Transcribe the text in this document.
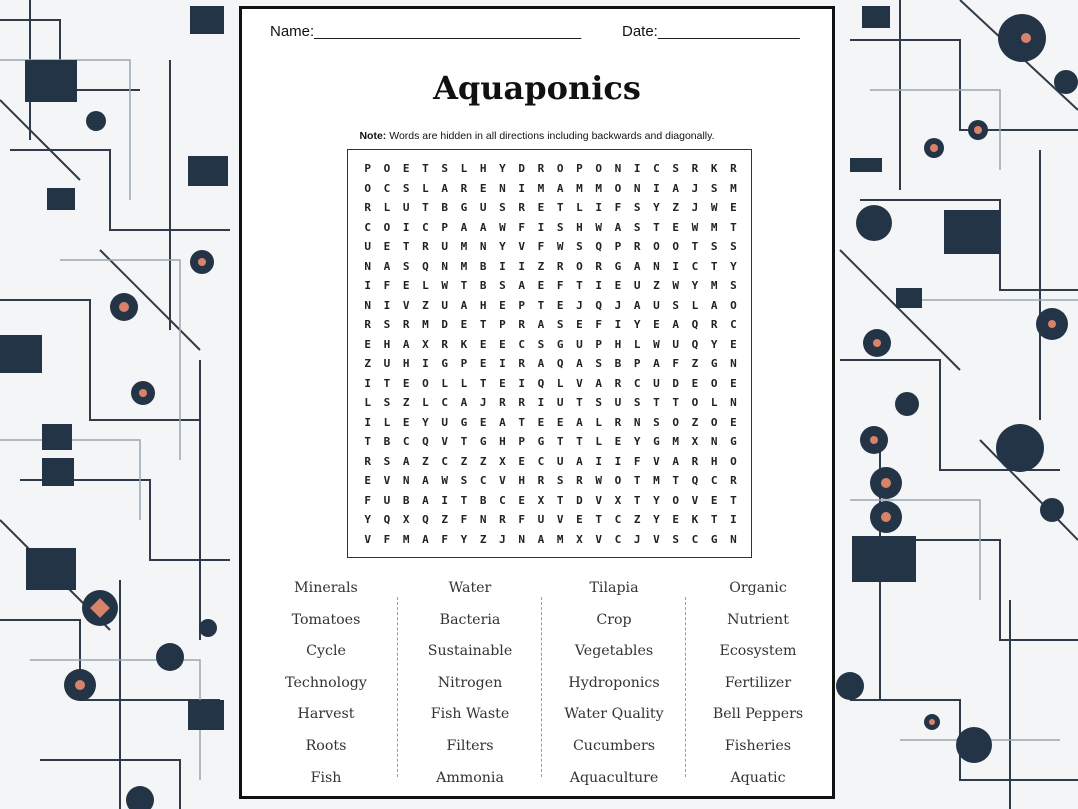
Name:________________________________	Date:_________________
Aquaponics
Note: Words are hidden in all directions including backwards and diagonally.
P	O	E	T	S	L	H	Y	D	R	O	P	O	N	I	C	S	R	K	R
O	C	S	L	A	R	E	N	I	M	A	M	M	O	N	I	A	J	S	M
R	L	U	T	B	G	U	S	R	E	T	L	I	F	S	Y	Z	J	W	E
C	O	I	C	P	A	A	W	F	I	S	H	W	A	S	T	E	W	M	T
U	E	T	R	U	M	N	Y	V	F	W	S	Q	P	R	O	O	T	S	S
N	A	S	Q	N	M	B	I	I	Z	R	O	R	G	A	N	I	C	T	Y
I	F	E	L	W	T	B	S	A	E	F	T	I	E	U	Z	W	Y	M	S
N	I	V	Z	U	A	H	E	P	T	E	J	Q	J	A	U	S	L	A	O
R	S	R	M	D	E	T	P	R	A	S	E	F	I	Y	E	A	Q	R	C
E	H	A	X	R	K	E	E	C	S	G	U	P	H	L	W	U	Q	Y	E
Z	U	H	I	G	P	E	I	R	A	Q	A	S	B	P	A	F	Z	G	N
I	T	E	O	L	L	T	E	I	Q	L	V	A	R	C	U	D	E	O	E
L	S	Z	L	C	A	J	R	R	I	U	T	S	U	S	T	T	O	L	N
I	L	E	Y	U	G	E	A	T	E	E	A	L	R	N	S	O	Z	O	E
T	B	C	Q	V	T	G	H	P	G	T	T	L	E	Y	G	M	X	N	G
R	S	A	Z	C	Z	Z	X	E	C	U	A	I	I	F	V	A	R	H	O
E	V	N	A	W	S	C	V	H	R	S	R	W	O	T	M	T	Q	C	R
F	U	B	A	I	T	B	C	E	X	T	D	V	X	T	Y	O	V	E	T
Y	Q	X	Q	Z	F	N	R	F	U	V	E	T	C	Z	Y	E	K	T	I
V	F	M	A	F	Y	Z	J	N	A	M	X	V	C	J	V	S	C	G	N
Minerals
Tomatoes
Cycle
Technology
Harvest
Roots
Fish
Water
Bacteria
Sustainable
Nitrogen
Fish Waste
Filters
Ammonia
Tilapia
Crop
Vegetables
Hydroponics
Water Quality
Cucumbers
Aquaculture
Organic
Nutrient
Ecosystem
Fertilizer
Bell Peppers
Fisheries
Aquatic
